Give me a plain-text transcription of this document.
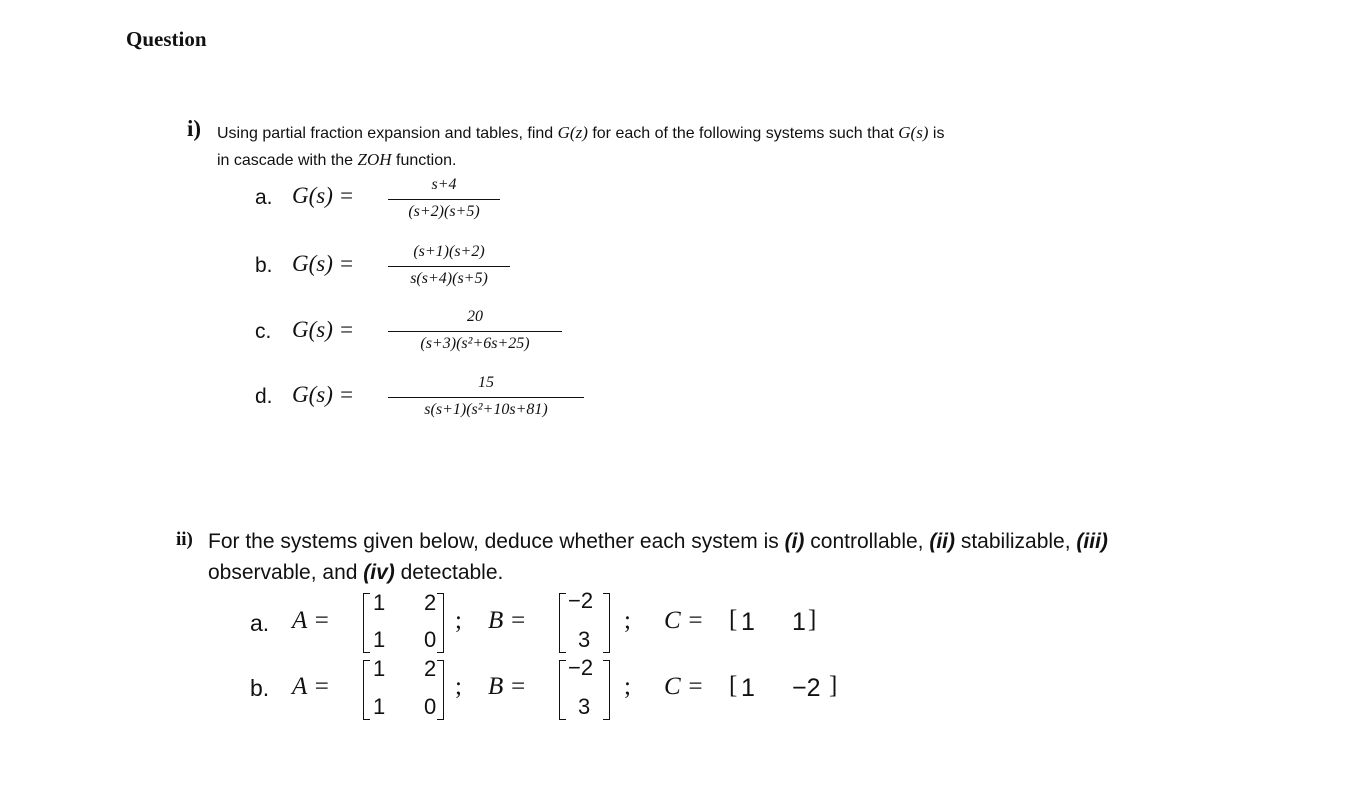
Question
i) Using partial fraction expansion and tables, find G(z) for each of the following systems such that G(s) is
in cascade with the ZOH function.
a. G(s) =	s+4
(s+2)(s+5)
b. G(s) =	(s+1)(s+2)
s(s+4)(s+5)
c. G(s) =
20
(s+3)(s²+6s+25)
d. G(s) =	15
s(s+1)(s²+10s+81)
ii) For the systems given below, deduce whether each system is (i) controllable, (ii) stabilizable, (iii)
observable, and (iv) detectable.
a. A =
1 2
1 0
; B =
−2
3
; C = [ 1 1 ]
b. A =
1 2
1 0
; B =
−2
3
; C = [ 1 −2 ]
